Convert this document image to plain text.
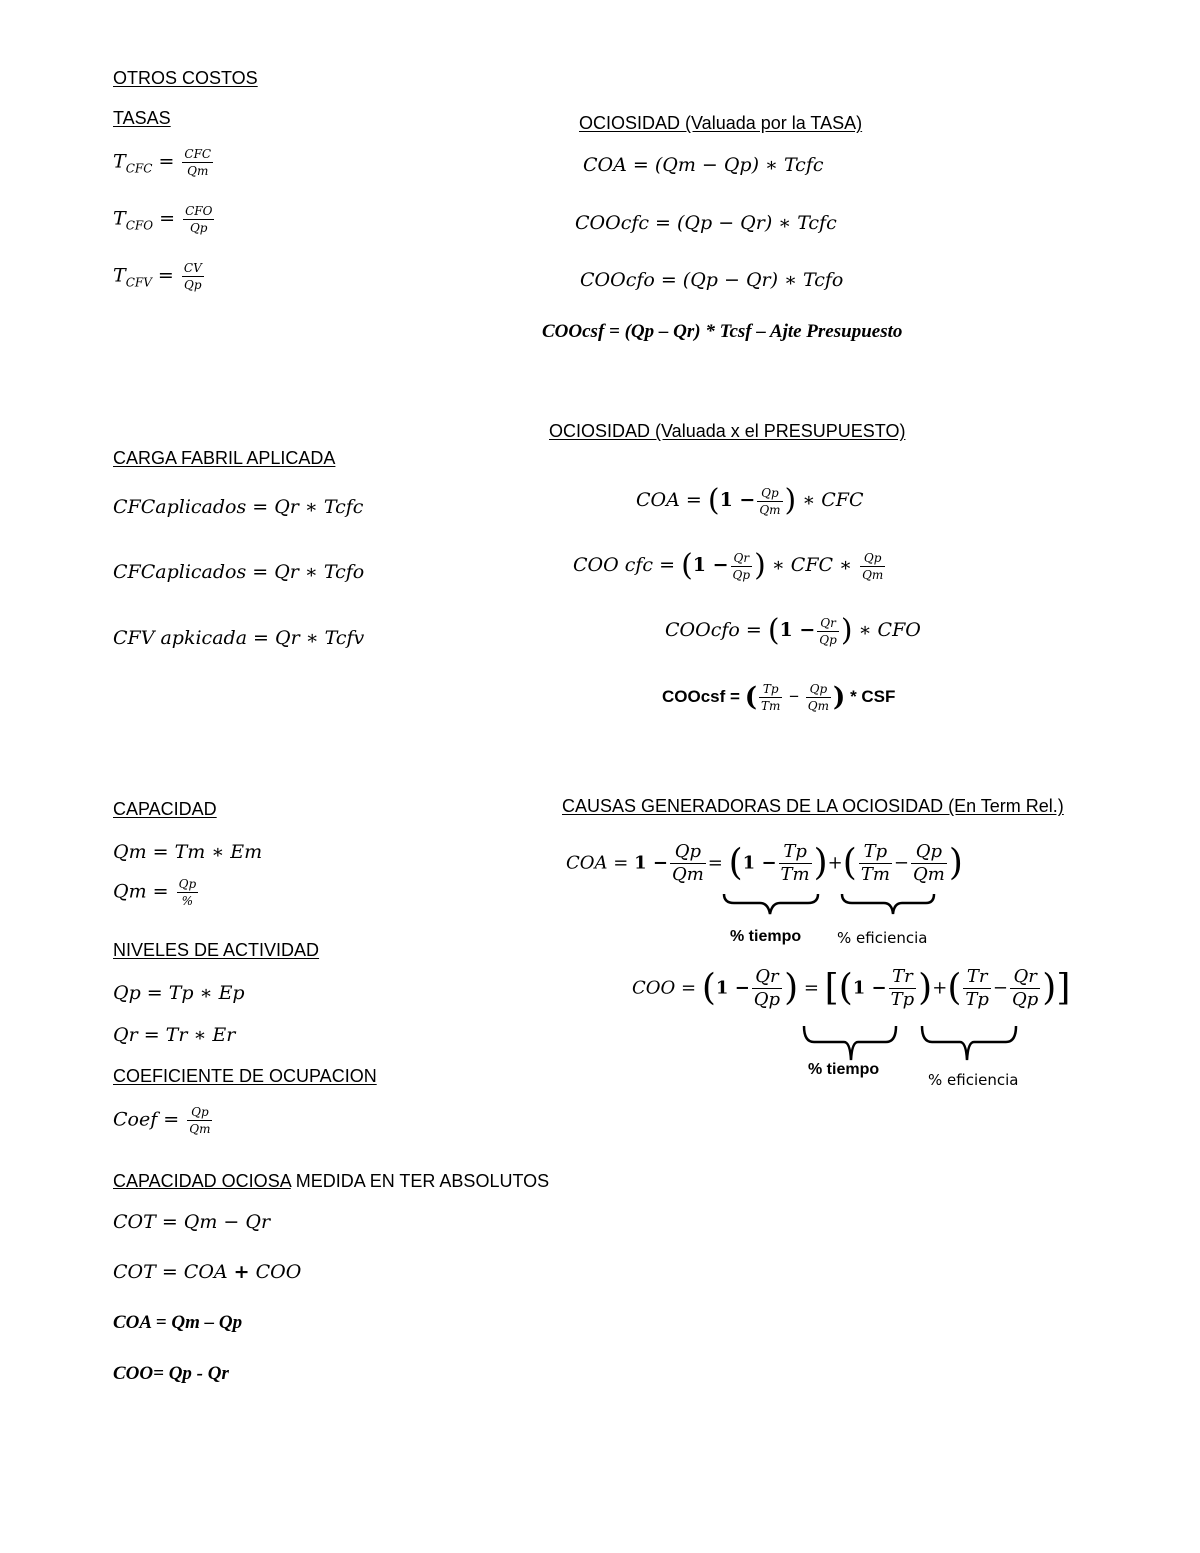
OTROS COSTOS
TASAS
$T_{CFC}$ = CFC
Qm
$T_{CFO}$ = CFO
Qp
$T_{CFV} = \frac{CV}{Qp}$
CARGA FABRIL APLICADA
CFCaplicados = Qr ∗ Tcfc
CFCaplicados = Qr ∗ Tcfo
CFV apkicada = Qr ∗ Tcfv
CAPACIDAD
Qm = Tm ∗ Em
Qm = Qp
%
NIVELES DE ACTIVIDAD
Qp = Tp ∗ Ep
Qr = Tr ∗ Er
COEFICIENTE DE OCUPACION
Coef = $\frac{Qp}{Qm}$
CAPACIDAD OCIOSA MEDIDA EN TER ABSOLUTOS
COT = Qm − Qr
COT = COA + COO
COA = Qm – Qp
COO= Qp - Qr
OCIOSIDAD (Valuada por la TASA)
COA = (Qm − Qp) ∗ Tcfc
COOcfc = (Qp − Qr) ∗ Tcfc
COOcfo = (Qp − Qr) ∗ Tcfo
COOcsf = (Qp – Qr) * Tcsf – Ajte Presupuesto
OCIOSIDAD (Valuada x el PRESUPUESTO)
COA = ($1 - \frac{Qp}{Qm}$ ) ∗ CFC
COO cfc = ($1 - \frac{Qr}{Qp}$ ) ∗ CFC ∗ $\frac{Qp}{Qm}$
COOcfo = ($1 - \frac{Qr}{Qp}$ ) ∗ CFO
COOcsf = ( $\frac{Tp}{Tm} - \frac{Qp}{Qm}$ ) * CSF
CAUSAS GENERADORAS DE LA OCIOSIDAD (En Term Rel.)
COA = $1 - \frac{Qp}{Qm} = (1 - \frac{Tp}{Tm}$ )+( $\frac{Tp}{Tm} - \frac{Qp}{Qm}$ )
% tiempo % eficiencia
COO = ($1 - \frac{Qr}{Qp}$ ) = [($1 - \frac{Tr}{Tp}$ )+( $\frac{Tr}{Tp} - \frac{Qr}{Qp}$ )]
% tiempo
% eficiencia
